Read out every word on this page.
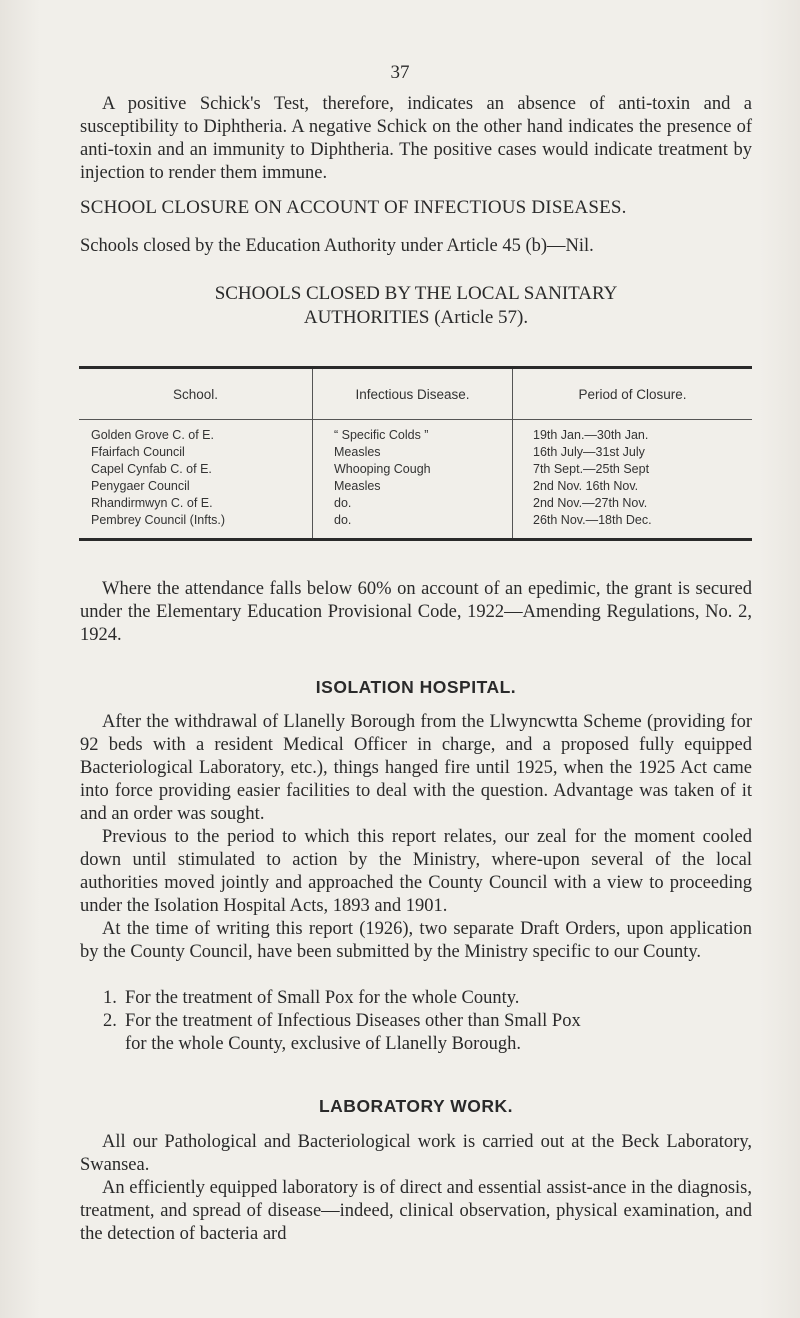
37

A positive Schick's Test, therefore, indicates an absence of anti-toxin and a susceptibility to Diphtheria. A negative Schick on the other hand indicates the presence of anti-toxin and an immunity to Diphtheria. The positive cases would indicate treatment by injection to render them immune.

SCHOOL CLOSURE ON ACCOUNT OF INFECTIOUS DISEASES.

Schools closed by the Education Authority under Article 45 (b)—Nil.

SCHOOLS CLOSED BY THE LOCAL SANITARY
AUTHORITIES (Article 57).

School.	Infectious Disease.	Period of Closure.
Golden Grove C. of E.
Ffairfach Council
Capel Cynfab C. of E.
Penygaer Council
Rhandirmwyn C. of E.
Pembrey Council (Infts.)
“ Specific Colds ”
Measles
Whooping Cough
Measles
do.
do.
19th Jan.—30th Jan.
16th July—31st July
7th Sept.—25th Sept
2nd Nov. 16th Nov.
2nd Nov.—27th Nov.
26th Nov.—18th Dec.

Where the attendance falls below 60% on account of an epedimic, the grant is secured under the Elementary Education Provisional Code, 1922—Amending Regulations, No. 2, 1924.

ISOLATION HOSPITAL.

After the withdrawal of Llanelly Borough from the Llwyncwtta Scheme (providing for 92 beds with a resident Medical Officer in charge, and a proposed fully equipped Bacteriological Laboratory, etc.), things hanged fire until 1925, when the 1925 Act came into force providing easier facilities to deal with the question. Advantage was taken of it and an order was sought.

Previous to the period to which this report relates, our zeal for the moment cooled down until stimulated to action by the Ministry, where-upon several of the local authorities moved jointly and approached the County Council with a view to proceeding under the Isolation Hospital Acts, 1893 and 1901.

At the time of writing this report (1926), two separate Draft Orders, upon application by the County Council, have been submitted by the Ministry specific to our County.

1. For the treatment of Small Pox for the whole County.
2. For the treatment of Infectious Diseases other than Small Pox
for the whole County, exclusive of Llanelly Borough.

LABORATORY WORK.

All our Pathological and Bacteriological work is carried out at the Beck Laboratory, Swansea.

An efficiently equipped laboratory is of direct and essential assist-ance in the diagnosis, treatment, and spread of disease—indeed, clinical observation, physical examination, and the detection of bacteria ard
